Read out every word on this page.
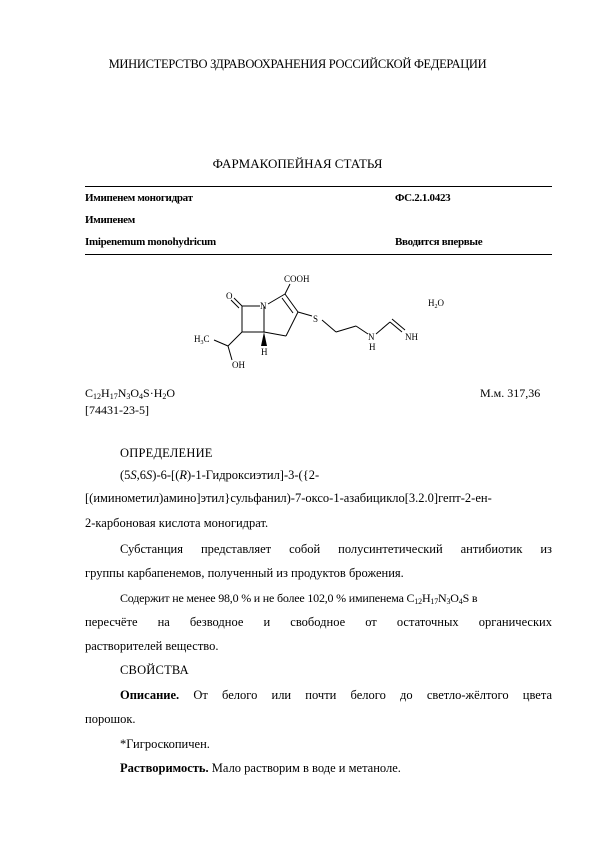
МИНИСТЕРСТВО ЗДРАВООХРАНЕНИЯ РОССИЙСКОЙ ФЕДЕРАЦИИ
ФАРМАКОПЕЙНАЯ СТАТЬЯ
Имипенем моногидрат	ФС.2.1.0423
Имипенем
Imipenemum monohydricum	Вводится впервые
O
COOH
N
S
$H_3C$
H
OH
NH
N
H
$H_2O$
$C_{12}H_{17}N_3O_4S\cdot H_2O$	М.м. 317,36
[74431-23-5]
ОПРЕДЕЛЕНИЕ
(5S,6S)-6-[(R)-1-Гидроксиэтил]-3-({2-
[(иминометил)амино]этил}сульфанил)-7-оксо-1-азабицикло[3.2.0]гепт-2-ен-
2-карбоновая кислота моногидрат.
Субстанция представляет собой полусинтетический антибиотик из
группы карбапенемов, полученный из продуктов брожения.
Содержит не менее 98,0 % и не более 102,0 % имипенема $C_{12}H_{17}N_3O_4S$ в
пересчёте на безводное и свободное от остаточных органических
растворителей вещество.
СВОЙСТВА
Описание. От белого или почти белого до светло-жёлтого цвета
порошок.
*Гигроскопичен.
Растворимость. Мало растворим в воде и метаноле.
